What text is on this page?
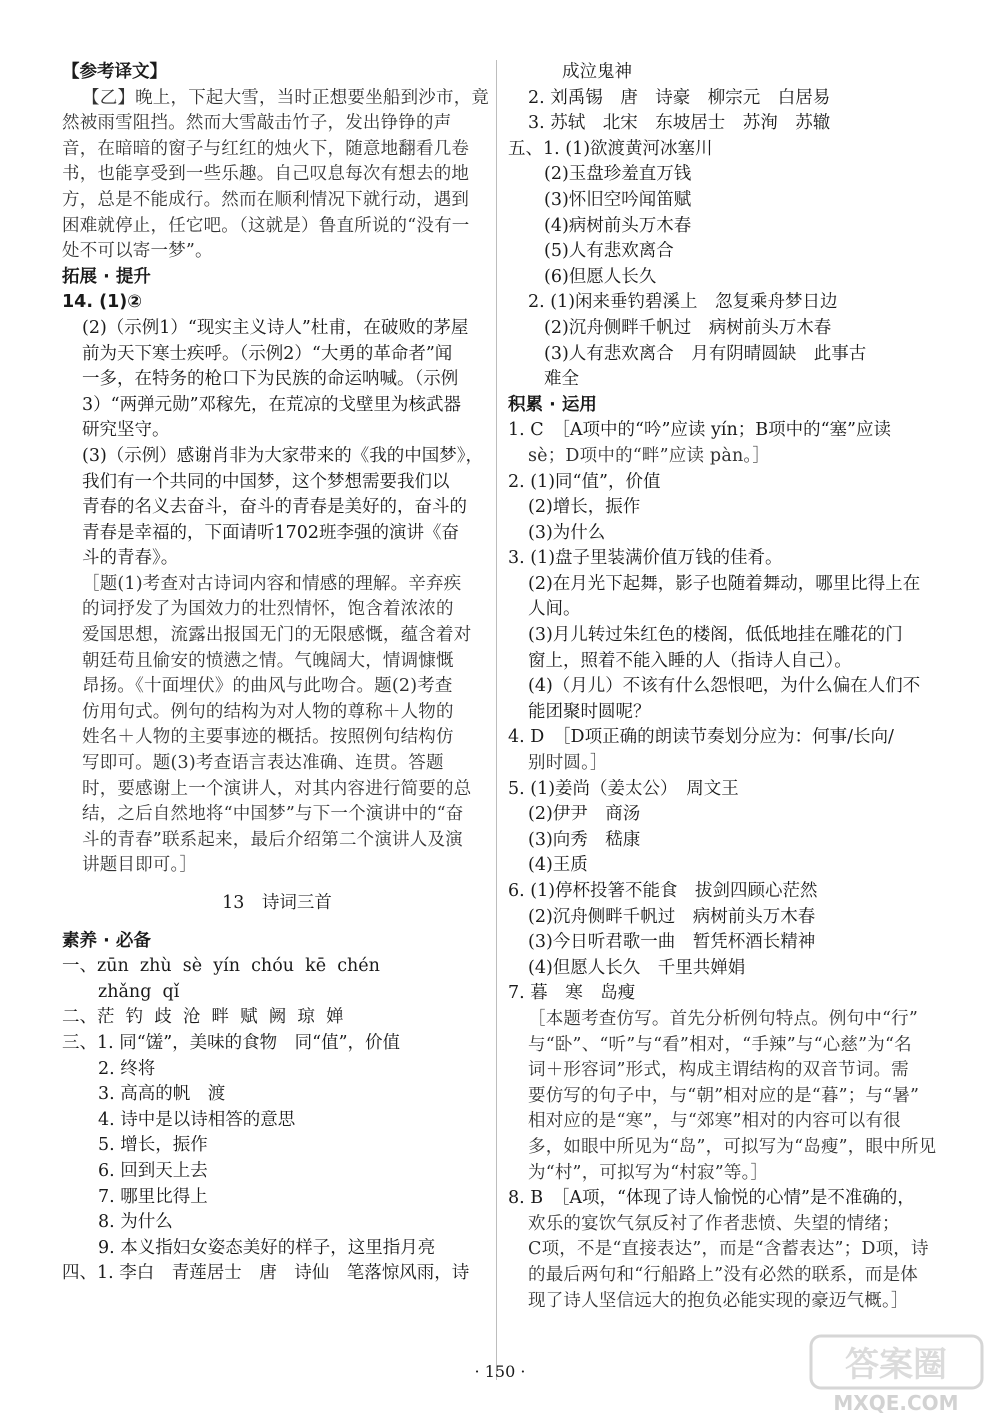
【参考译文】
【乙】晚上，下起大雪，当时正想要坐船到沙市，竟
然被雨雪阻挡。然而大雪敲击竹子，发出铮铮的声
音，在暗暗的窗子与红红的烛火下，随意地翻看几卷
书，也能享受到一些乐趣。自己叹息每次有想去的地
方，总是不能成行。然而在顺利情况下就行动，遇到
困难就停止，任它吧。（这就是）鲁直所说的“没有一
处不可以寄一梦”。
拓展 · 提升
14. (1)②
(2)（示例1）“现实主义诗人”杜甫，在破败的茅屋
前为天下寒士疾呼。（示例2）“大勇的革命者”闻
一多，在特务的枪口下为民族的命运呐喊。（示例
3）“两弹元勋”邓稼先，在荒凉的戈壁里为核武器
研究坚守。
(3)（示例）感谢肖非为大家带来的《我的中国梦》，
我们有一个共同的中国梦，这个梦想需要我们以
青春的名义去奋斗，奋斗的青春是美好的，奋斗的
青春是幸福的，下面请听1702班李强的演讲《奋
斗的青春》。
［题(1)考查对古诗词内容和情感的理解。辛弃疾
的词抒发了为国效力的壮烈情怀，饱含着浓浓的
爱国思想，流露出报国无门的无限感慨，蕴含着对
朝廷苟且偷安的愤懑之情。气魄阔大，情调慷慨
昂扬。《十面埋伏》的曲风与此吻合。题(2)考查
仿用句式。例句的结构为对人物的尊称＋人物的
姓名＋人物的主要事迹的概括。按照例句结构仿
写即可。题(3)考查语言表达准确、连贯。答题
时，要感谢上一个演讲人，对其内容进行简要的总
结，之后自然地将“中国梦”与下一个演讲中的“奋
斗的青春”联系起来，最后介绍第二个演讲人及演
讲题目即可。］
13　诗词三首
素养 · 必备
一、zūn  zhù  sè  yín  chóu  kē  chén
zhǎng  qǐ
二、茫  钓  歧  沧  畔  赋  阙  琼  婵
三、1. 同“馐”，美味的食物　同“值”，价值
2. 终将
3. 高高的帆　渡
4. 诗中是以诗相答的意思
5. 增长，振作
6. 回到天上去
7. 哪里比得上
8. 为什么
9. 本义指妇女姿态美好的样子，这里指月亮
四、1. 李白　青莲居士　唐　诗仙　笔落惊风雨，诗
成泣鬼神
2. 刘禹锡　唐　诗豪　柳宗元　白居易
3. 苏轼　北宋　东坡居士　苏洵　苏辙
五、1. (1)欲渡黄河冰塞川
(2)玉盘珍羞直万钱
(3)怀旧空吟闻笛赋
(4)病树前头万木春
(5)人有悲欢离合
(6)但愿人长久
2. (1)闲来垂钓碧溪上　忽复乘舟梦日边
(2)沉舟侧畔千帆过　病树前头万木春
(3)人有悲欢离合　月有阴晴圆缺　此事古
难全
积累 · 运用
1. C　［A项中的“吟”应读 yín；B项中的“塞”应读
sè；D项中的“畔”应读 pàn。］
2. (1)同“值”，价值
(2)增长，振作
(3)为什么
3. (1)盘子里装满价值万钱的佳肴。
(2)在月光下起舞，影子也随着舞动，哪里比得上在
人间。
(3)月儿转过朱红色的楼阁，低低地挂在雕花的门
窗上，照着不能入睡的人（指诗人自己）。
(4)（月儿）不该有什么怨恨吧，为什么偏在人们不
能团聚时圆呢？
4. D　［D项正确的朗读节奏划分应为：何事/长向/
别时圆。］
5. (1)姜尚（姜太公）　周文王
(2)伊尹　商汤
(3)向秀　嵇康
(4)王质
6. (1)停杯投箸不能食　拔剑四顾心茫然
(2)沉舟侧畔千帆过　病树前头万木春
(3)今日听君歌一曲　暂凭杯酒长精神
(4)但愿人长久　千里共婵娟
7. 暮　寒　岛瘦
［本题考查仿写。首先分析例句特点。例句中“行”
与“卧”、“听”与“看”相对，“手辣”与“心慈”为“名
词＋形容词”形式，构成主谓结构的双音节词。需
要仿写的句子中，与“朝”相对应的是“暮”；与“暑”
相对应的是“寒”，与“郊寒”相对的内容可以有很
多，如眼中所见为“岛”，可拟写为“岛瘦”，眼中所见
为“村”，可拟写为“村寂”等。］
8. B　［A项，“体现了诗人愉悦的心情”是不准确的，
欢乐的宴饮气氛反衬了作者悲愤、失望的情绪；
C项，不是“直接表达”，而是“含蓄表达”；D项，诗
的最后两句和“行船路上”没有必然的联系，而是体
现了诗人坚信远大的抱负必能实现的豪迈气概。］
· 150 ·	答案圈
MXQE.COM
